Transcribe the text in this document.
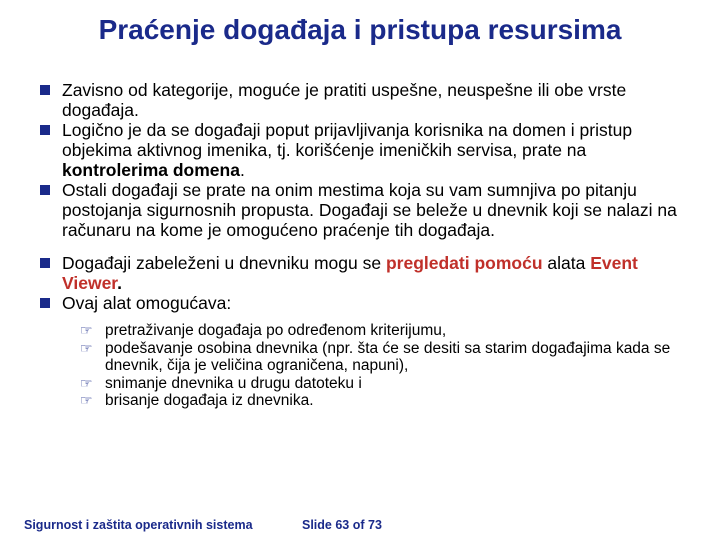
Praćenje događaja i pristupa resursima
Zavisno od kategorije, moguće je pratiti uspešne, neuspešne ili obe vrste događaja.
Logično je da se događaji poput prijavljivanja korisnika na domen i pristup objekima aktivnog imenika, tj. korišćenje imeničkih servisa, prate na kontrolerima domena.
Ostali događaji se prate na onim mestima koja su vam sumnjiva po pitanju postojanja sigurnosnih propusta. Događaji se beleže u dnevnik koji se nalazi na računaru na kome je omogućeno praćenje tih događaja.
Događaji zabeleženi u dnevniku mogu se pregledati pomoću alata Event Viewer.
Ovaj alat omogućava:
☞ pretraživanje događaja po određenom kriterijumu,
☞ podešavanje osobina dnevnika (npr. šta će se desiti sa starim događajima kada se dnevnik, čija je veličina ograničena, napuni),
☞ snimanje dnevnika u drugu datoteku i
☞ brisanje događaja iz dnevnika.
Sigurnost i zaštita operativnih sistema	Slide 63 of 73
